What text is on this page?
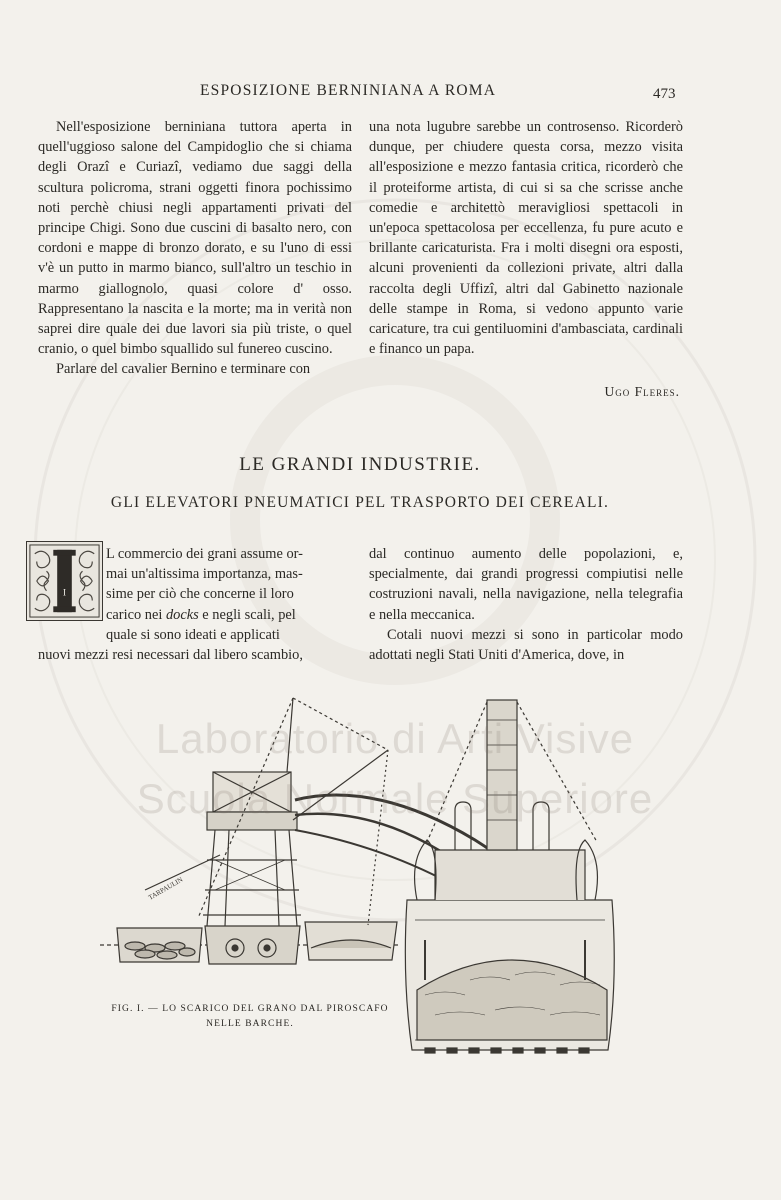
ESPOSIZIONE BERNINIANA A ROMA	473

Nell'esposizione berniniana tuttora aperta in quell'uggioso salone del Campidoglio che si chiama degli Orazî e Curiazî, vediamo due saggi della scultura policroma, strani oggetti finora pochissimo noti perchè chiusi negli appartamenti privati del principe Chigi. Sono due cuscini di basalto nero, con cordoni e mappe di bronzo dorato, e su l'uno di essi v'è un putto in marmo bianco, sull'altro un teschio in marmo giallognolo, quasi colore d' osso. Rappresentano la nascita e la morte; ma in verità non saprei dire quale dei due lavori sia più triste, o quel cranio, o quel bimbo squallido sul funereo cuscino.

Parlare del cavalier Bernino e terminare con

una nota lugubre sarebbe un controsenso. Ricorderò dunque, per chiudere questa corsa, mezzo visita all'esposizione e mezzo fantasia critica, ricorderò che il proteiforme artista, di cui si sa che scrisse anche comedie e architettò meravigliosi spettacoli in un'epoca spettacolosa per eccellenza, fu pure acuto e brillante caricaturista. Fra i molti disegni ora esposti, alcuni provenienti da collezioni private, altri dalla raccolta degli Uffizî, altri dal Gabinetto nazionale delle stampe in Roma, si vedono appunto varie caricature, tra cui gentiluomini d'ambasciata, cardinali e financo un papa.

Ugo Fleres.
LE GRANDI INDUSTRIE.
GLI ELEVATORI PNEUMATICI PEL TRASPORTO DEI CEREALI.
I
L commercio dei grani assume or-
mai un'altissima importanza, mas-
sime per ciò che concerne il loro
carico nei docks e negli scali, pel
quale si sono ideati e applicati
nuovi mezzi resi necessari dal libero scambio,

dal continuo aumento delle popolazioni, e, specialmente, dai grandi progressi compiutisi nelle costruzioni navali, nella navigazione, nella telegrafia e nella meccanica.

Cotali nuovi mezzi si sono in particolar modo adottati negli Stati Uniti d'America, dove, in

TARPAULIN
FIG. I. — LO SCARICO DEL GRANO DAL PIROSCAFO
NELLE BARCHE.
Laboratorio di Arti Visive
Scuola Normale Superiore
